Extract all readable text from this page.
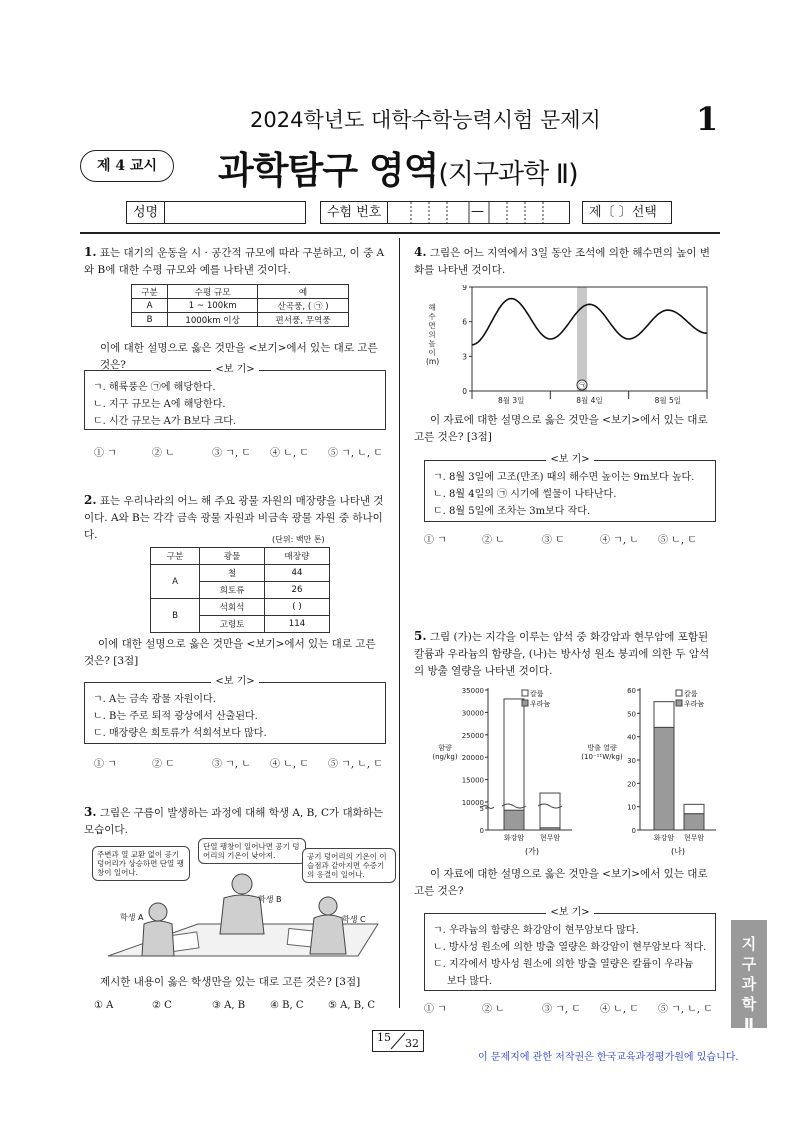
2024학년도 대학수학능력시험 문제지	1
제 4 교시	과학탐구 영역(지구과학 Ⅱ)
성명	수험 번호	—	제〔 〕선택
1. 표는 대기의 운동을 시 · 공간적 규모에 따라 구분하고, 이 중 A와 B에 대한 수평 규모와 예를 나타낸 것이다.
구분	수평 규모	예
A	1 ~ 100km	산곡풍, ( ㉠ )
B	1000km 이상	편서풍, 무역풍
이에 대한 설명으로 옳은 것만을 <보기>에서 있는 대로 고른 것은?	<보 기>
ㄱ. 해륙풍은 ㉠에 해당한다.
ㄴ. 지구 규모는 A에 해당한다.
ㄷ. 시간 규모는 A가 B보다 크다.
① ㄱ	② ㄴ	③ ㄱ, ㄷ ④ ㄴ, ㄷ ⑤ ㄱ, ㄴ, ㄷ
2. 표는 우리나라의 어느 해 주요 광물 자원의 매장량을 나타낸 것이다. A와 B는 각각 금속 광물 자원과 비금속 광물 자원 중 하나이다.	(단위: 백만 톤)
구분	광물	매장량
A	철	44
	희토류	26
B	석회석	( )
	고령토	114
이에 대한 설명으로 옳은 것만을 <보기>에서 있는 대로 고른 것은? [3점]
<보 기>
ㄱ. A는 금속 광물 자원이다.
ㄴ. B는 주로 퇴적 광상에서 산출된다.
ㄷ. 매장량은 희토류가 석회석보다 많다.
① ㄱ	② ㄷ	③ ㄱ, ㄴ ④ ㄴ, ㄷ ⑤ ㄱ, ㄴ, ㄷ
3. 그림은 구름이 발생하는 과정에 대해 학생 A, B, C가 대화하는 모습이다.
주변과 열 교환 없이 공기 덩어리가 상승하면 단열 팽창이 일어나.
단열 팽창이 일어나면 공기 덩어리의 기온이 낮아져.	공기 덩어리의 기온이 이슬점과 같아지면 수증기의 응결이 일어나.
학생 A
학생 B
학생 C
제시한 내용이 옳은 학생만을 있는 대로 고른 것은? [3점]
① A	② C	③ A, B ④ B, C ⑤ A, B, C
4. 그림은 어느 지역에서 3일 동안 조석에 의한 해수면의 높이 변화를 나타낸 것이다.
해수면의 높이 (m)
0
3
6
9
8월 3일	8월 4일	8월 5일
㉠
이 자료에 대한 설명으로 옳은 것만을 <보기>에서 있는 대로 고른 것은? [3점]
<보 기>
ㄱ. 8월 3일에 고조(만조) 때의 해수면 높이는 9m보다 높다.
ㄴ. 8월 4일의 ㉠ 시기에 썰물이 나타난다.
ㄷ. 8월 5일에 조차는 3m보다 작다.
① ㄱ	② ㄴ	③ ㄷ	④ ㄱ, ㄴ ⑤ ㄴ, ㄷ
5. 그림 (가)는 지각을 이루는 암석 중 화강암과 현무암에 포함된 칼륨과 우라늄의 함량을, (나)는 방사성 원소 붕괴에 의한 두 암석의 방출 열량을 나타낸 것이다.
0
5
10000
15000
20000
25000
30000
35000	칼륨
우라늄
화강암 현무암
(가)
함량 (ng/kg)
0
10
20
30
40
50
60	칼륨
우라늄
화강암 현무암
(나)
방출 열량 (10⁻¹¹W/kg)
이 자료에 대한 설명으로 옳은 것만을 <보기>에서 있는 대로 고른 것은?
<보 기>
ㄱ. 우라늄의 함량은 화강암이 현무암보다 많다.
ㄴ. 방사성 원소에 의한 방출 열량은 화강암이 현무암보다 적다.
ㄷ. 지각에서 방사성 원소에 의한 방출 열량은 칼륨이 우라늄
보다 많다.
① ㄱ	② ㄴ	③ ㄱ, ㄷ ④ ㄴ, ㄷ ⑤ ㄱ, ㄴ, ㄷ
지
구
과
학
Ⅱ
15 32
이 문제지에 관한 저작권은 한국교육과정평가원에 있습니다.
